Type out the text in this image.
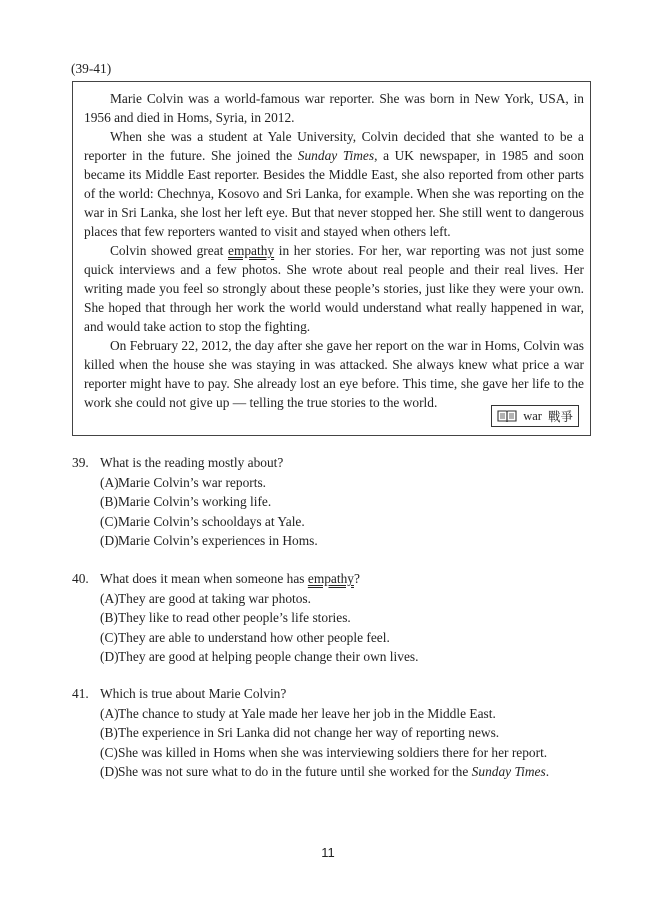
(39-41)

Marie Colvin was a world-famous war reporter. She was born in New York, USA, in 1956 and died in Homs, Syria, in 2012.

When she was a student at Yale University, Colvin decided that she wanted to be a reporter in the future. She joined the Sunday Times, a UK newspaper, in 1985 and soon became its Middle East reporter. Besides the Middle East, she also reported from other parts of the world: Chechnya, Kosovo and Sri Lanka, for example. When she was reporting on the war in Sri Lanka, she lost her left eye. But that never stopped her. She still went to dangerous places that few reporters wanted to visit and stayed when others left.

Colvin showed great empathy in her stories. For her, war reporting was not just some quick interviews and a few photos. She wrote about real people and their real lives. Her writing made you feel so strongly about these people’s stories, just like they were your own. She hoped that through her work the world would understand what really happened in war, and would take action to stop the fighting.

On February 22, 2012, the day after she gave her report on the war in Homs, Colvin was killed when the house she was staying in was attacked. She always knew what price a war reporter might have to pay. She already lost an eye before. This time, she gave her life to the work she could not give up — telling the true stories to the world.

war 戰爭
39. What is the reading mostly about?
(A) Marie Colvin’s war reports.
(B) Marie Colvin’s working life.
(C) Marie Colvin’s schooldays at Yale.
(D) Marie Colvin’s experiences in Homs.
40. What does it mean when someone has empathy?
(A) They are good at taking war photos.
(B) They like to read other people’s life stories.
(C) They are able to understand how other people feel.
(D) They are good at helping people change their own lives.
41. Which is true about Marie Colvin?
(A) The chance to study at Yale made her leave her job in the Middle East.
(B) The experience in Sri Lanka did not change her way of reporting news.
(C) She was killed in Homs when she was interviewing soldiers there for her report.
(D) She was not sure what to do in the future until she worked for the Sunday Times.
11
